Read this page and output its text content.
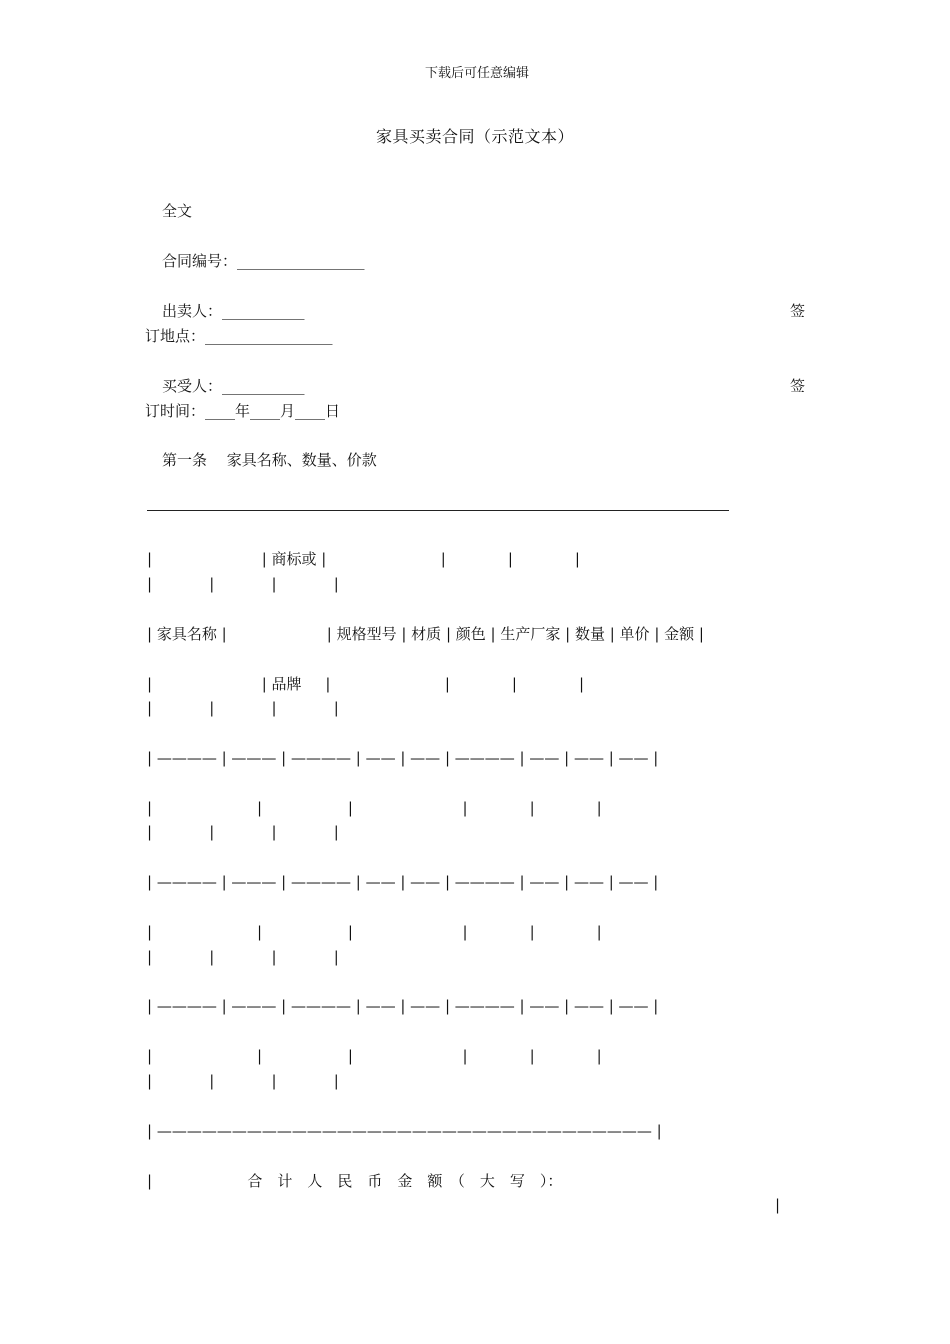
下载后可任意编辑
家具买卖合同（示范文本）
全文
合同编号：_________________
出卖人：___________	签
订地点：_________________
买受人：___________	签
订时间：____年____月____日
第一条　 家具名称、数量、价款
|                       | 商标或 |                        |             |             |
|            |            |            |
| 家具名称 |                     | 规格型号 | 材质 | 颜色 | 生产厂家 | 数量 | 单价 | 金额 |
|                       | 品牌     |                        |             |             |
|            |            |            |
| ———— | ——— | ———— | —— | —— | ———— | —— | —— | —— |
|                      |                  |                       |             |             |
|            |            |            |
| ———— | ——— | ———— | —— | —— | ———— | —— | —— | —— |
|                      |                  |                       |             |             |
|            |            |            |
| ———— | ——— | ———— | —— | —— | ———— | —— | —— | —— |
|                      |                  |                       |             |             |
|            |            |            |
| ————————————————————————————————— |
|                    合　计　人　民　币　金　额　（　大　写　）：
|
